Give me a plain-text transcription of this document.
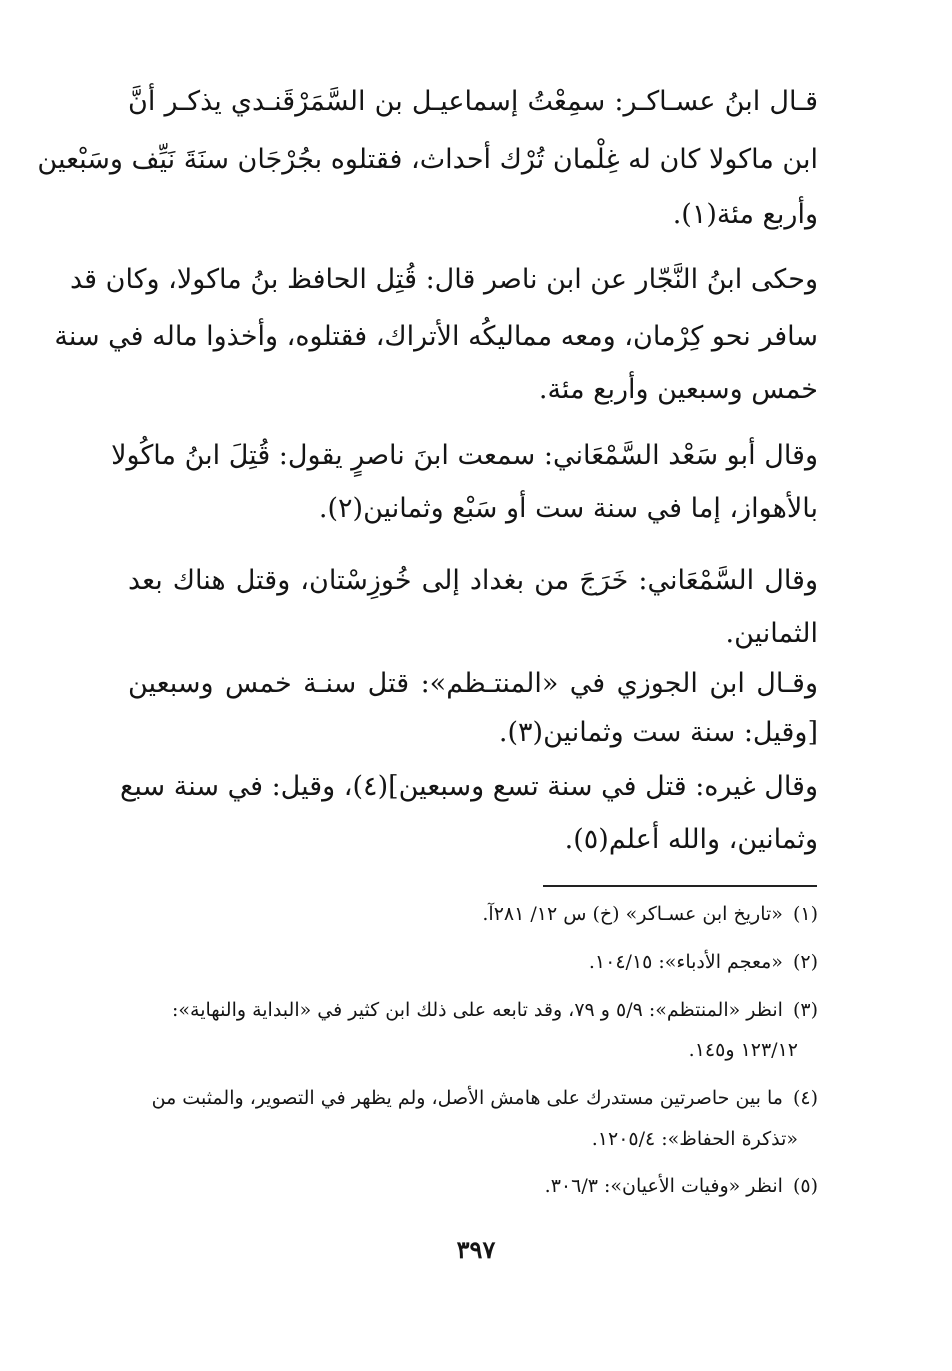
قـال ابنُ عسـاكـر: سمِعْتُ إسماعيـل بن السَّمَرْقَنـدي يذكـر أنَّ
ابن ماكولا كان له غِلْمان تُرْك أحداث، فقتلوه بجُرْجَان سنَةَ نَيِّف وسَبْعين
وأربع مئة(١).
وحكى ابنُ النَّجّار عن ابن ناصر قال: قُتِل الحافظ بنُ ماكولا، وكان قد
سافر نحو كِرْمان، ومعه مماليكُه الأتراك، فقتلوه، وأخذوا ماله في سنة
خمس وسبعين وأربع مئة.
وقال أبو سَعْد السَّمْعَاني: سمعت ابنَ ناصرٍ يقول: قُتِلَ ابنُ ماكُولا
بالأهواز، إما في سنة ست أو سَبْع وثمانين(٢).
وقال السَّمْعَاني: خَرَجَ من بغداد إلى خُوزِسْتان، وقتل هناك بعد
الثمانين.
وقـال ابن الجوزي في «المنتـظم»: قتل سنـة خمس وسبعين
[وقيل: سنة ست وثمانين(٣).
وقال غيره: قتل في سنة تسع وسبعين](٤)، وقيل: في سنة سبع
وثمانين، والله أعلم(٥).
(١)«تاريخ ابن عسـاكر» (خ) س ١٢/ ٢٨١آ.
(٢)«معجم الأدباء»: ١٠٤/١٥.
(٣)انظر «المنتظم»: ٥/٩ و ٧٩، وقد تابعه على ذلك ابن كثير في «البداية والنهاية»:
١٢٣/١٢ و١٤٥.
(٤)ما بين حاصرتين مستدرك على هامش الأصل، ولم يظهر في التصوير، والمثبت من
«تذكرة الحفاظ»: ١٢٠٥/٤.
(٥)انظر «وفيات الأعيان»: ٣٠٦/٣.
٣٩٧
